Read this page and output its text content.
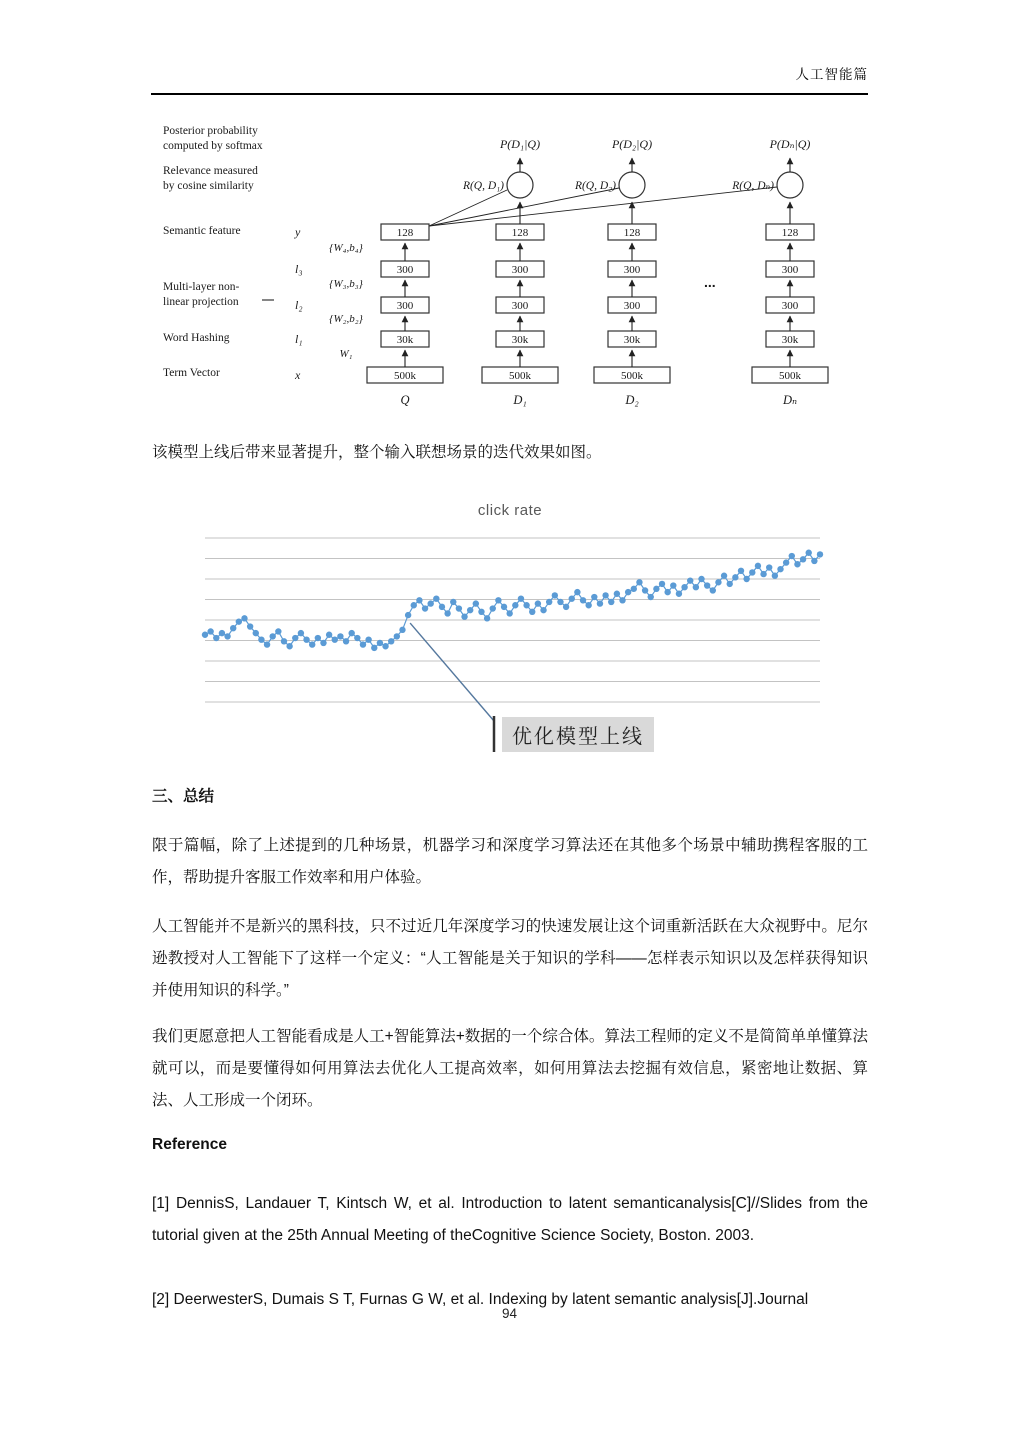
人工智能篇
Posterior probability
computed by softmax
Relevance measured
by cosine similarity
Semantic feature
Multi-layer non-
linear projection
Word Hashing
Term Vector
y
l₃
l₂
l₁
x
{W₄,b₄}
{W₃,b₃}
{W₂,b₂}
W₁
P(D₁|Q)	P(D₂|Q)	P(Dₙ|Q)
R(Q, D₁)	R(Q, D₂)	R(Q, Dₙ)
128
300
300
30k
500k
Q
128
300
300
30k
500k
D₁
128
300
300
30k
500k
D₂
...
128
300
300
30k
500k
Dₙ

该模型上线后带来显著提升，整个输入联想场景的迭代效果如图。

click rate
优化模型上线
三、总结

限于篇幅，除了上述提到的几种场景，机器学习和深度学习算法还在其他多个场景中辅助携程客服的工作，帮助提升客服工作效率和用户体验。

人工智能并不是新兴的黑科技，只不过近几年深度学习的快速发展让这个词重新活跃在大众视野中。尼尔逊教授对人工智能下了这样一个定义：“人工智能是关于知识的学科——怎样表示知识以及怎样获得知识并使用知识的科学。”

我们更愿意把人工智能看成是人工+智能算法+数据的一个综合体。算法工程师的定义不是简简单单懂算法就可以，而是要懂得如何用算法去优化人工提高效率，如何用算法去挖掘有效信息，紧密地让数据、算法、人工形成一个闭环。

Reference

[1] DennisS, Landauer T, Kintsch W, et al. Introduction to latent semanticanalysis[C]//Slides from the tutorial given at the 25th Annual Meeting of theCognitive Science Society, Boston. 2003.

[2] DeerwesterS, Dumais S T, Furnas G W, et al. Indexing by latent semantic analysis[J].Journal

94
